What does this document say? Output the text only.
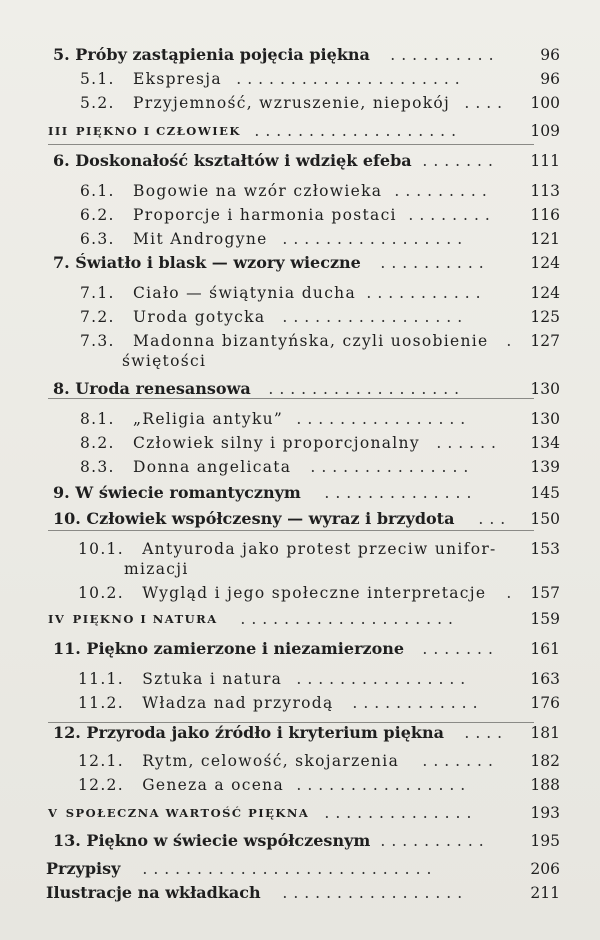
5. Próby zastąpienia pojęcia piękna	96
..........
5.1. Ekspresja	96
.....................
5.2. Przyjemność, wzruszenie, niepokój	100
....
III  PIĘKNO I CZŁOWIEK	109
...................
6. Doskonałość kształtów i wdzięk efeba	111
.......
6.1. Bogowie na wzór człowieka	113
.........
6.2. Proporcje i harmonia postaci	116
........
6.3. Mit Androgyne	121
.................
7. Światło i blask — wzory wieczne	124
..........
7.1. Ciało — świątynia ducha	124
...........
7.2. Uroda gotycka	125
.................
7.3. Madonna bizantyńska, czyli uosobienie	127
.
świętości
8. Uroda renesansowa	130
..................
8.1. „Religia antyku”	130
................
8.2. Człowiek silny i proporcjonalny	134
......
8.3. Donna angelicata	139
...............
9. W świecie romantycznym	145
..............
10. Człowiek współczesny — wyraz i brzydota	150
...
10.1. Antyuroda jako protest przeciw unifor- 153
mizacji
10.2. Wygląd i jego społeczne interpretacje	157
.
IV  PIĘKNO I NATURA	159
....................
11. Piękno zamierzone i niezamierzone	161
.......
11.1. Sztuka i natura	163
................
11.2. Władza nad przyrodą	176
............
12. Przyroda jako źródło i kryterium piękna	181
....
12.1. Rytm, celowość, skojarzenia	182
.......
12.2. Geneza a ocena	188
................
V  SPOŁECZNA WARTOŚĆ PIĘKNA	193
..............
13. Piękno w świecie współczesnym	195
..........
Przypisy	206
...........................
Ilustracje na wkładkach	211
.................
